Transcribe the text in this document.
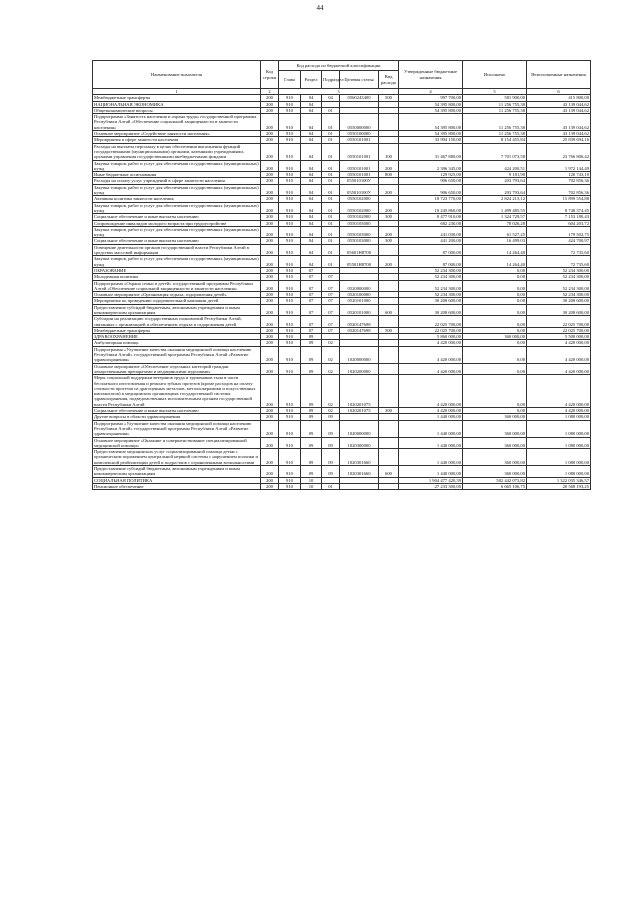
44
Наименование показателя	Код строки	Код расхода по бюджетной классификации					Утвержденные бюджетные назначения	Исполнено	Неисполненные назначения
		Глава	Раздел	Подраздел	Целевая статья	Вид расхода			
1	2	3					4	5	6
Межбюджетные трансферты	200	910	04	04	0560243400	500	997 700,00	581 900,00	415 800,00
НАЦИОНАЛЬНАЯ ЭКОНОМИКА	200	910	04				54 395 800,00	11 256 755,38	43 139 044,62
Общеэкономические вопросы	200	910	04	01			54 395 800,00	11 256 755,38	43 139 044,62
Подпрограмма «Занятость населения и охрана труда» государственной программы Республики Алтай «Обеспечение социальной защищенности и занятости населения»	200	910	04	01	0550000000		54 395 800,00	11 256 755,38	43 139 044,62
Основное мероприятие «Содействие занятости населения»	200	910	04	01	0550100000		54 395 800,00	11 256 755,38	43 139 044,62
Мероприятия в сфере занятости населения	200	910	04	01	0550101001		33 994 150,00	8 154 455,84	25 839 694,16
Расходы на выплаты персоналу в целях обеспечения выполнения функций государственными (муниципальными) органами, казенными учреждениями, органами управления государственными внебюджетными фондами	200	910	04	01	0550101001	100	31 467 880,00	7 701 073,58	23 766 806,42
Закупка товаров, работ и услуг для обеспечения государственных (муниципальных) нужд	200	910	04	01	0550101001	200	2 396 345,00	424 200,51	1 972 144,49
Иные бюджетные ассигнования	200	910	04	01	0550101001	800	129 925,00	9 181,90	120 743,10
Расходы на оплату услуг учреждений в сфере занятости населения	200	910	04	01	055010100У		906 650,00	203 793,64	702 856,36
Закупка товаров, работ и услуг для обеспечения государственных (муниципальных) нужд	200	910	04	01	055010100У	200	906 650,00	203 793,64	702 856,36
Активная политика занятости населения	200	910	04	01	0550102000		18 723 770,00	2 824 215,12	15 899 554,88
Закупка товаров, работ и услуг для обеспечения государственных (муниципальных) нужд	200	910	04	01	0550102000	200	10 245 860,00	1 499 485,55	8 746 374,45
Социальное обеспечение и иные выплаты населению	200	910	04	01	0550102000	300	8 477 910,00	1 324 729,57	7 153 180,43
Сопровождение инвалидов молодого возраста при трудоустройстве	200	910	04	01	0550103000		682 230,00	78 026,28	604 203,72
Закупка товаров, работ и услуг для обеспечения государственных (муниципальных) нужд	200	910	04	01	0550103000	200	241 030,00	61 527,25	179 502,75
Социальное обеспечение и иные выплаты населению	200	910	04	01	0550103000	300	441 200,00	16 499,03	424 700,97
Освещение деятельности органов государственной власти Республики Алтай в средствах массовой информации	200	910	04	01	05601Н8700		87 000,00	14 264,40	72 735,60
Закупка товаров, работ и услуг для обеспечения государственных (муниципальных) нужд	200	910	04	01	05501Н8700	200	87 000,00	14 264,40	72 735,60
ОБРАЗОВАНИЕ	200	910	07				52 234 300,00	0,00	52 234 300,00
Молодежная политика	200	910	07	07			52 234 300,00	0,00	52 234 300,00
Подпрограмма «Охрана семьи и детей» государственной программы Республики Алтай «Обеспечение социальной защищенности и занятости населения»	200	910	07	07	0520000000		52 234 300,00	0,00	52 234 300,00
Основное мероприятие «Организация отдыха, оздоровления детей»	200	910	07	07	0520100000		52 234 300,00	0,00	52 234 300,00
Мероприятия по проведению оздоровительной кампании детей	200	910	07	07	0520101000		30 208 600,00	0,00	30 208 600,00
Предоставление субсидий бюджетным, автономным учреждениям и иным некоммерческим организациям	200	910	07	07	0520101000	600	30 208 600,00	0,00	30 208 600,00
Субсидии на реализацию государственных полномочий Республики Алтай, связанных с организацией и обеспечением отдыха и оздоровления детей	200	910	07	07	0520147698		22 025 700,00	0,00	22 025 700,00
Межбюджетные трансферты	200	910	07	07	0520147698	500	22 025 700,00	0,00	22 025 700,00
ЗДРАВООХРАНЕНИЕ	200	910	09				5 860 000,00	360 000,00	5 500 000,00
Амбулаторная помощь	200	910	09	02			4 420 000,00	0,00	4 420 000,00
Подпрограмма «Улучшение качества оказания медицинской помощи населению Республики Алтай» государственной программы Республики Алтай «Развитие здравоохранения»	200	910	09	02	1020000000		4 420 000,00	0,00	4 420 000,00
Основное мероприятие «Обеспечение отдельных категорий граждан лекарственными препаратами и медицинскими изделиями»	200	910	09	02	1020200000		4 420 000,00	0,00	4 420 000,00
Меры социальной поддержки ветеранов труда и тружеников тыла в части бесплатного изготовления и ремонта зубных протезов (кроме расходов на оплату стоимости протезов из драгоценных металлов, металлокерамики и искусственных имплантатов) в медицинских организациях государственной системы здравоохранения, подведомственных исполнительным органам государственной власти Республики Алтай	200	910	09	02	1020201075		4 420 000,00	0,00	4 420 000,00
Социальное обеспечение и иные выплаты населению	200	910	09	02	1020201075	300	4 420 000,00	0,00	4 420 000,00
Другие вопросы в области здравоохранения	200	910	09	09			1 440 000,00	360 000,00	1 080 000,00
Подпрограмма «Улучшение качества оказания медицинской помощи населению Республики Алтай» государственной программы Республики Алтай «Развитие здравоохранения»	200	910	09	09	1020000000		1 440 000,00	360 000,00	1 080 000,00
Основное мероприятие «Оказание и совершенствование специализированной медицинской помощи»	200	910	09	09	1020300000		1 440 000,00	360 000,00	1 080 000,00
Предоставление медицинских услуг социализированной помощи детям с органическим поражением центральной нервной системы с нарушением психики и комплексной реабилитации детей и подростков с ограниченными возможностями	200	910	09	09	1020301660		1 440 000,00	360 000,00	1 080 000,00
Предоставление субсидий бюджетным, автономным учреждениям и иным некоммерческим организациям	200	910	09	09	1020301660	600	1 440 000,00	360 000,00	1 080 000,00
СОЦИАЛЬНАЯ ПОЛИТИКА	200	910	10				1 904 477 420,39	582 442 073,82	1 322 035 346,57
Пенсионное обеспечение	200	910	10	01			27 233 300,00	6 665 106,75	20 568 193,25
